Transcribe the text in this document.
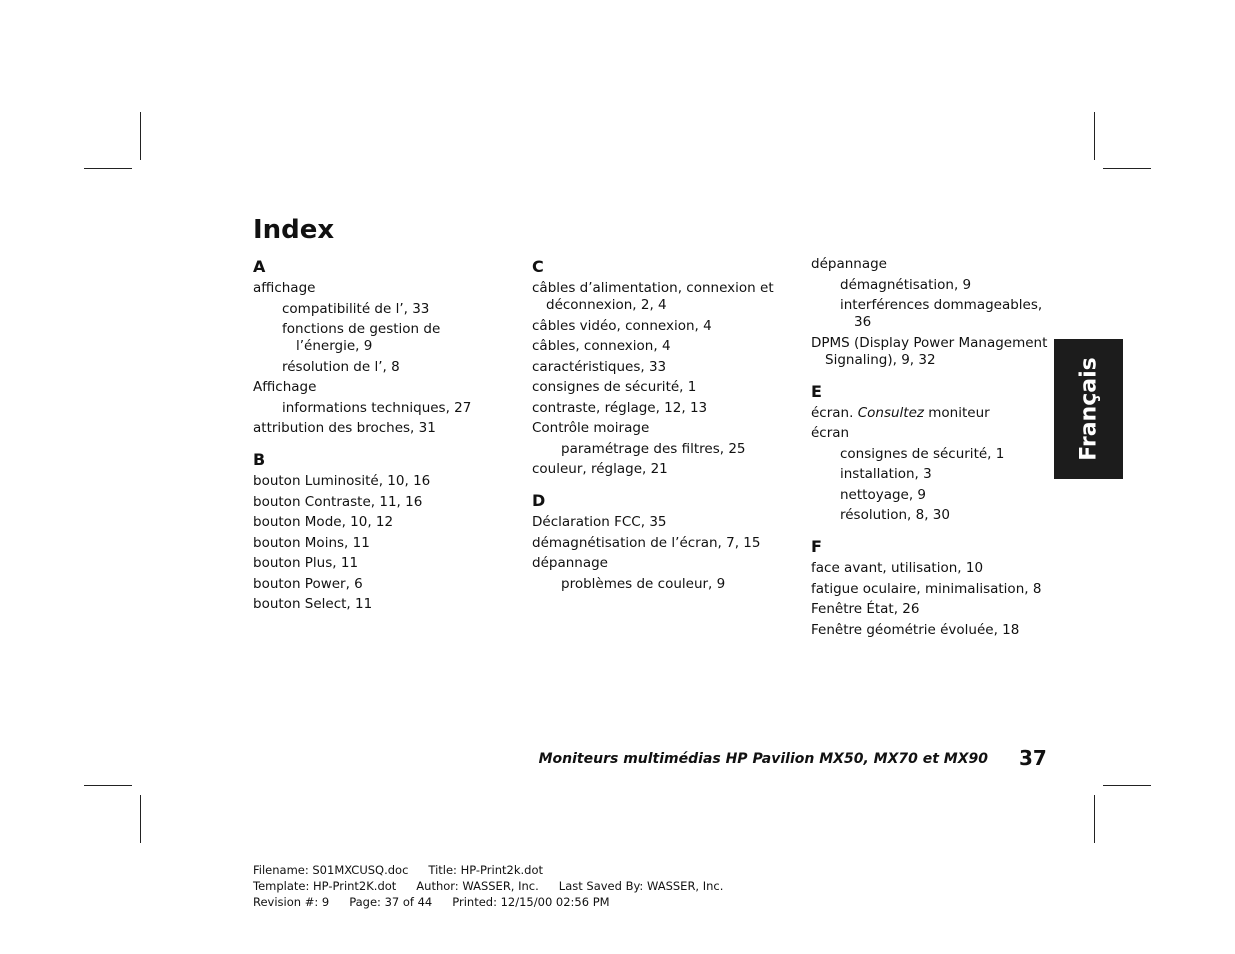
Index
A
affichage
compatibilité de l’, 33
fonctions de gestion de l’énergie, 9
résolution de l’, 8
Affichage
informations techniques, 27
attribution des broches, 31
B
bouton Luminosité, 10, 16
bouton Contraste, 11, 16
bouton Mode, 10, 12
bouton Moins, 11
bouton Plus, 11
bouton Power, 6
bouton Select, 11
C
câbles d’alimentation, connexion et déconnexion, 2, 4
câbles vidéo, connexion, 4
câbles, connexion, 4
caractéristiques, 33
consignes de sécurité, 1
contraste, réglage, 12, 13
Contrôle moirage
paramétrage des filtres, 25
couleur, réglage, 21
D
Déclaration FCC, 35
démagnétisation de l’écran, 7, 15
dépannage
problèmes de couleur, 9
dépannage
démagnétisation, 9
interférences dommageables, 36
DPMS (Display Power Management Signaling), 9, 32
E
écran. Consultez moniteur
écran
consignes de sécurité, 1
installation, 3
nettoyage, 9
résolution, 8, 30
F
face avant, utilisation, 10
fatigue oculaire, minimalisation, 8
Fenêtre État, 26
Fenêtre géométrie évoluée, 18
Français
Moniteurs multimédias HP Pavilion MX50, MX70 et MX90 37
Filename: S01MXCUSQ.doc Title: HP-Print2k.dot
Template: HP-Print2K.dot Author: WASSER, Inc. Last Saved By: WASSER, Inc.
Revision #: 9 Page: 37 of 44 Printed: 12/15/00 02:56 PM
